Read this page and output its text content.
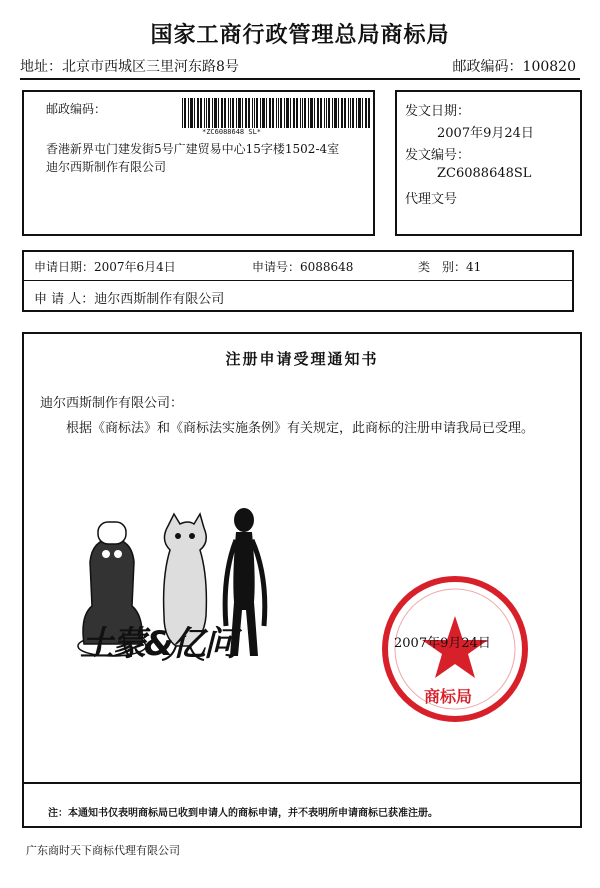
国家工商行政管理总局商标局
地址：北京市西城区三里河东路8号	邮政编码：100820
邮政编码：
*ZC6088648 SL*
香港新界屯门建发街5号广建贸易中心15字楼1502-4室
迪尔西斯制作有限公司
发文日期：
2007年9月24日
发文编号：
ZC6088648SL
代理文号
申请日期：2007年6月4日	申请号：6088648	类　别：41
申 请 人：迪尔西斯制作有限公司
注册申请受理通知书
迪尔西斯制作有限公司：
根据《商标法》和《商标法实施条例》有关规定，此商标的注册申请我局已受理。
土蒙&亿问	2007年9月24日
商标局
注：本通知书仅表明商标局已收到申请人的商标申请，并不表明所申请商标已获准注册。
广东商时天下商标代理有限公司
